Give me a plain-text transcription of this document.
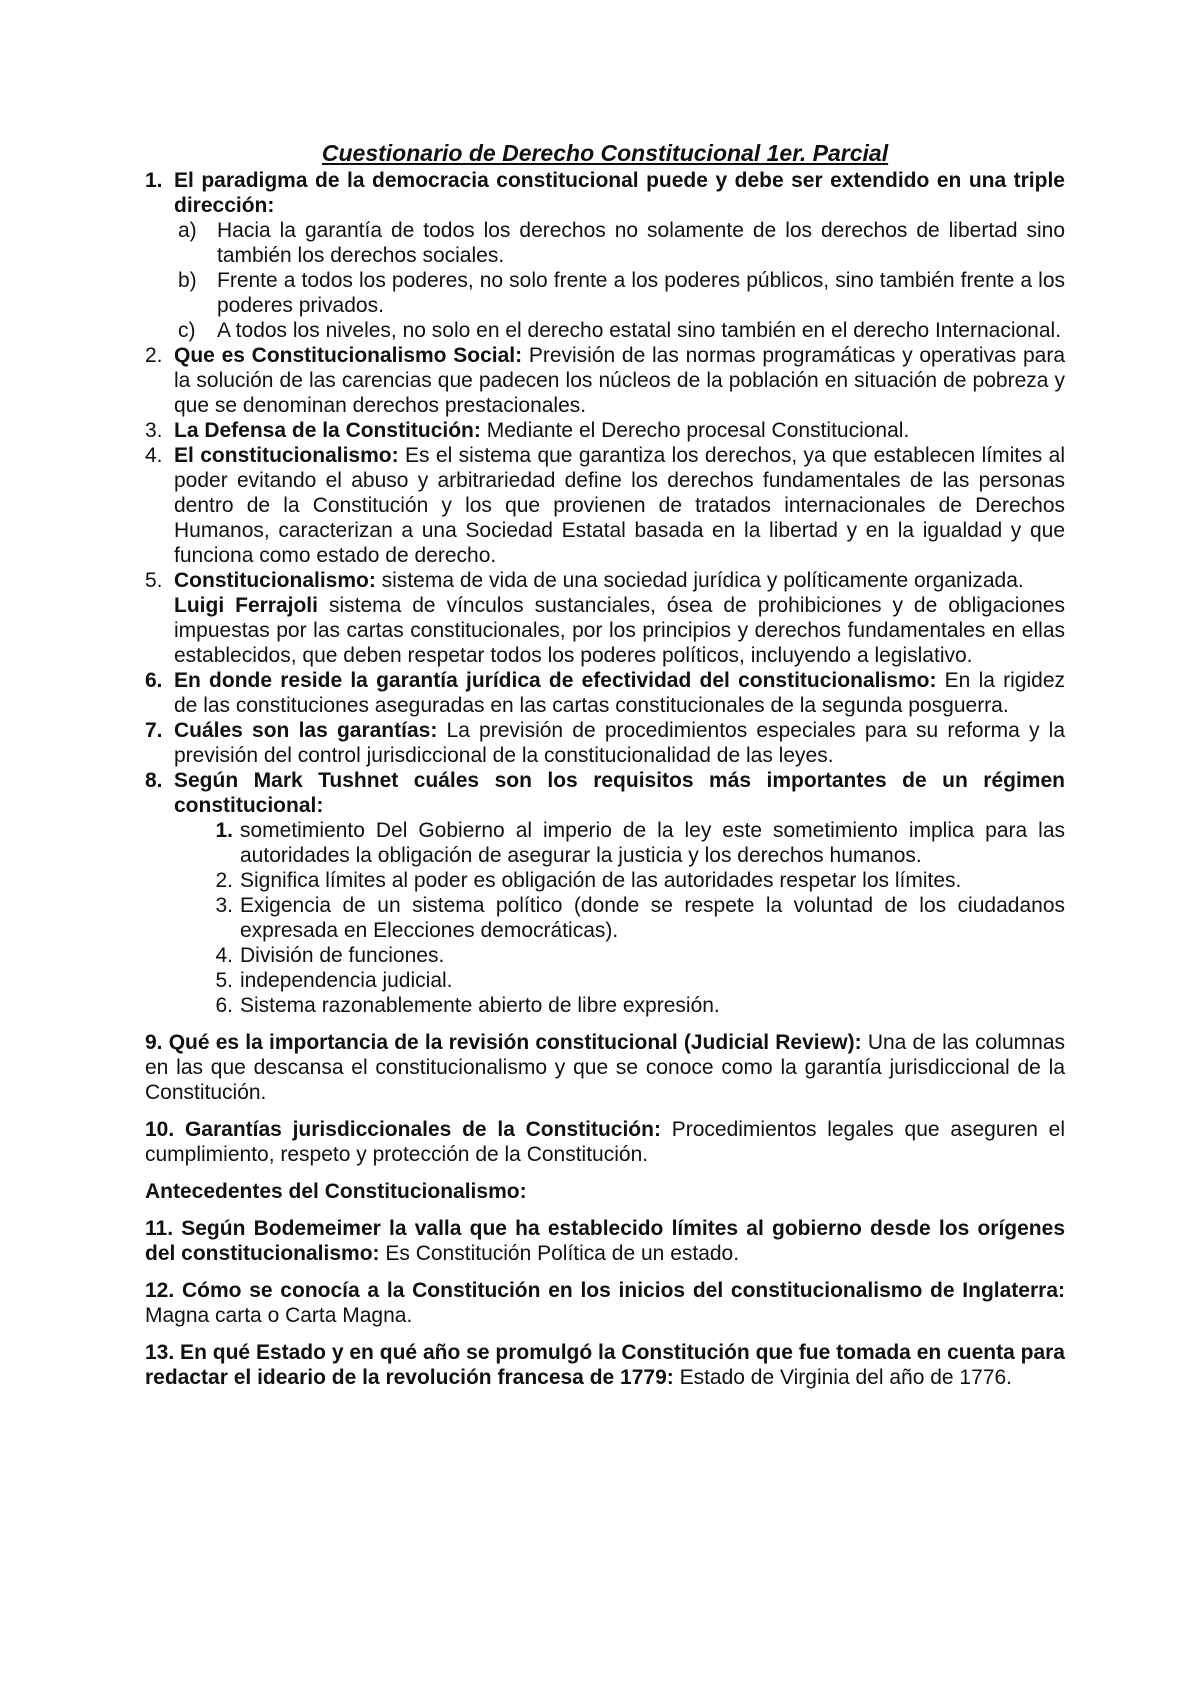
Cuestionario de Derecho Constitucional 1er. Parcial

1. El paradigma de la democracia constitucional puede y debe ser extendido en una triple dirección:
a) Hacia la garantía de todos los derechos no solamente de los derechos de libertad sino también los derechos sociales.
b) Frente a todos los poderes, no solo frente a los poderes públicos, sino también frente a los poderes privados.
c) A todos los niveles, no solo en el derecho estatal sino también en el derecho Internacional.
2. Que es Constitucionalismo Social: Previsión de las normas programáticas y operativas para la solución de las carencias que padecen los núcleos de la población en situación de pobreza y que se denominan derechos prestacionales.
3. La Defensa de la Constitución: Mediante el Derecho procesal Constitucional.
4. El constitucionalismo: Es el sistema que garantiza los derechos, ya que establecen límites al poder evitando el abuso y arbitrariedad define los derechos fundamentales de las personas dentro de la Constitución y los que provienen de tratados internacionales de Derechos Humanos, caracterizan a una Sociedad Estatal basada en la libertad y en la igualdad y que funciona como estado de derecho.
5. Constitucionalismo: sistema de vida de una sociedad jurídica y políticamente organizada.
Luigi Ferrajoli sistema de vínculos sustanciales, ósea de prohibiciones y de obligaciones impuestas por las cartas constitucionales, por los principios y derechos fundamentales en ellas establecidos, que deben respetar todos los poderes políticos, incluyendo a legislativo.
6. En donde reside la garantía jurídica de efectividad del constitucionalismo: En la rigidez de las constituciones aseguradas en las cartas constitucionales de la segunda posguerra.
7. Cuáles son las garantías: La previsión de procedimientos especiales para su reforma y la previsión del control jurisdiccional de la constitucionalidad de las leyes.
8. Según Mark Tushnet cuáles son los requisitos más importantes de un régimen constitucional:
1. sometimiento Del Gobierno al imperio de la ley este sometimiento implica para las autoridades la obligación de asegurar la justicia y los derechos humanos.
2. Significa límites al poder es obligación de las autoridades respetar los límites.
3. Exigencia de un sistema político (donde se respete la voluntad de los ciudadanos expresada en Elecciones democráticas).
4. División de funciones.
5. independencia judicial.
6. Sistema razonablemente abierto de libre expresión.

9. Qué es la importancia de la revisión constitucional (Judicial Review): Una de las columnas en las que descansa el constitucionalismo y que se conoce como la garantía jurisdiccional de la Constitución.

10. Garantías jurisdiccionales de la Constitución: Procedimientos legales que aseguren el cumplimiento, respeto y protección de la Constitución.

Antecedentes del Constitucionalismo:

11. Según Bodemeimer la valla que ha establecido límites al gobierno desde los orígenes del constitucionalismo: Es Constitución Política de un estado.

12. Cómo se conocía a la Constitución en los inicios del constitucionalismo de Inglaterra: Magna carta o Carta Magna.

13. En qué Estado y en qué año se promulgó la Constitución que fue tomada en cuenta para redactar el ideario de la revolución francesa de 1779: Estado de Virginia del año de 1776.
